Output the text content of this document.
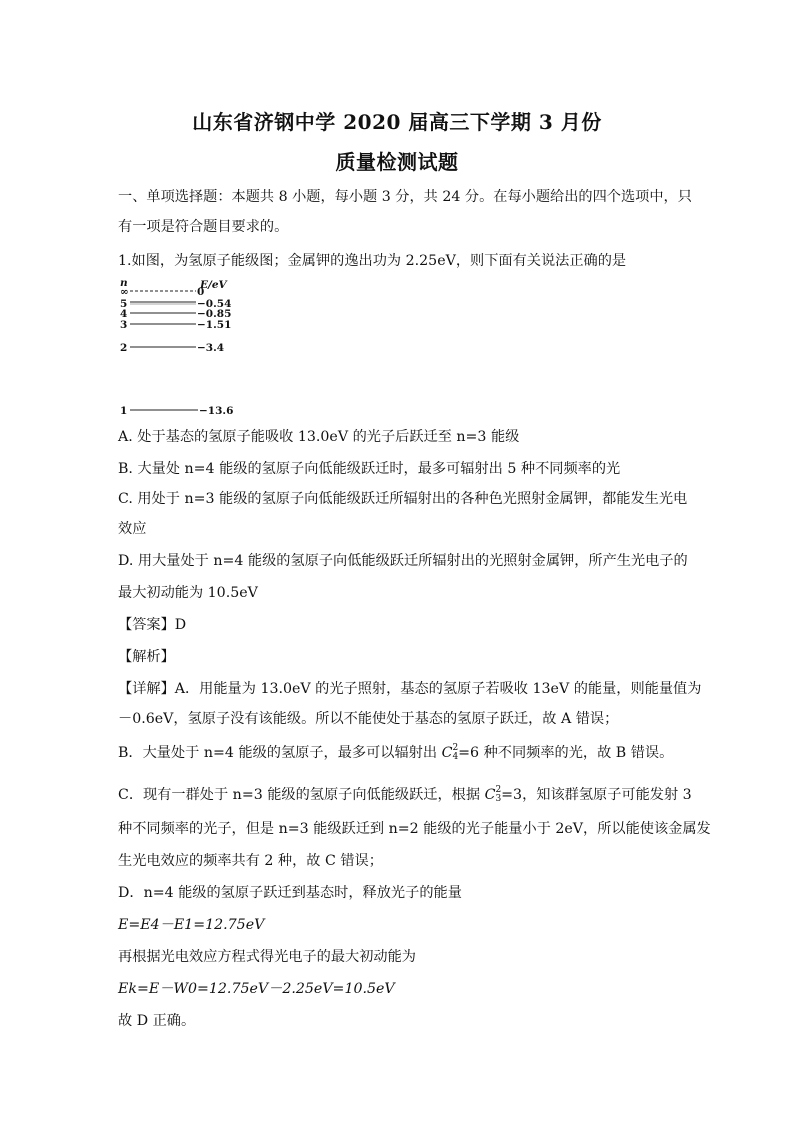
山东省济钢中学 2020 届高三下学期 3 月份
质量检测试题
一、单项选择题：本题共 8 小题，每小题 3 分，共 24 分。在每小题给出的四个选项中，只
有一项是符合题目要求的。
1.如图，为氢原子能级图；金属钾的逸出功为 2.25eV，则下面有关说法正确的是
n	E/eV
∞	0
5	−0.54
4	−0.85
3	−1.51
2	−3.4
1	−13.6
A. 处于基态的氢原子能吸收 13.0eV 的光子后跃迁至 n=3 能级
B. 大量处 n=4 能级的氢原子向低能级跃迁时，最多可辐射出 5 种不同频率的光
C. 用处于 n=3 能级的氢原子向低能级跃迁所辐射出的各种色光照射金属钾，都能发生光电
效应
D. 用大量处于 n=4 能级的氢原子向低能级跃迁所辐射出的光照射金属钾，所产生光电子的
最大初动能为 10.5eV
【答案】D
【解析】
【详解】A．用能量为 13.0eV 的光子照射，基态的氢原子若吸收 13eV 的能量，则能量值为
－0.6eV，氢原子没有该能级。所以不能使处于基态的氢原子跃迁，故 A 错误；
B．大量处于 n=4 能级的氢原子，最多可以辐射出 C 2
4 =6 种不同频率的光，故 B 错误。
C．现有一群处于 n=3 能级的氢原子向低能级跃迁，根据 C 2
3 =3，知该群氢原子可能发射 3
种不同频率的光子，但是 n=3 能级跃迁到 n=2 能级的光子能量小于 2eV，所以能使该金属发
生光电效应的频率共有 2 种，故 C 错误；
D．n=4 能级的氢原子跃迁到基态时，释放光子的能量
E=E4－E1=12.75eV
再根据光电效应方程式得光电子的最大初动能为
Ek=E－W0=12.75eV－2.25eV=10.5eV
故 D 正确。
